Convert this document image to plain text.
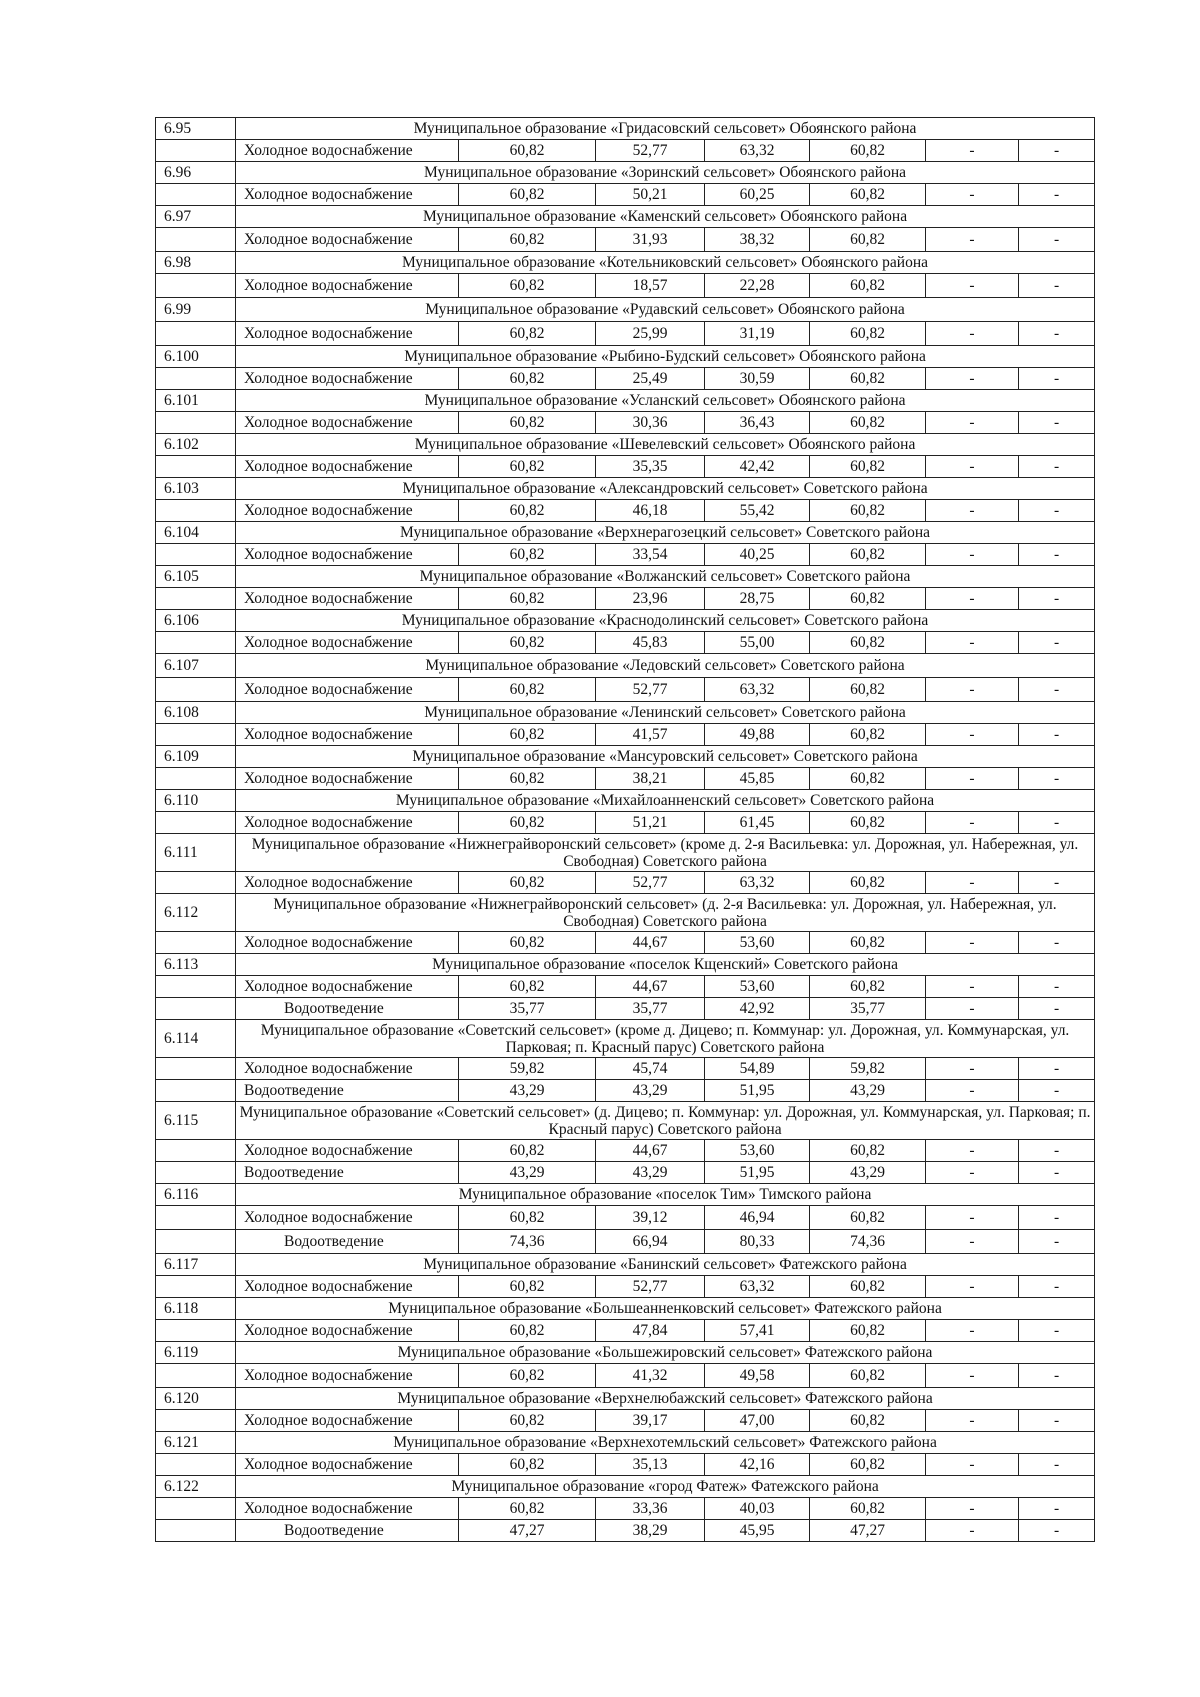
6.95	Муниципальное образование «Гридасовский сельсовет» Обоянского района						
	Холодное водоснабжение	60,82	52,77	63,32	60,82	-	-
6.96	Муниципальное образование «Зоринский сельсовет» Обоянского района						
	Холодное водоснабжение	60,82	50,21	60,25	60,82	-	-
6.97	Муниципальное образование «Каменский сельсовет» Обоянского района						
	Холодное водоснабжение	60,82	31,93	38,32	60,82	-	-
6.98	Муниципальное образование «Котельниковский сельсовет» Обоянского района						
	Холодное водоснабжение	60,82	18,57	22,28	60,82	-	-
6.99	Муниципальное образование «Рудавский сельсовет» Обоянского района						
	Холодное водоснабжение	60,82	25,99	31,19	60,82	-	-
6.100	Муниципальное образование «Рыбино-Будский сельсовет» Обоянского района						
	Холодное водоснабжение	60,82	25,49	30,59	60,82	-	-
6.101	Муниципальное образование «Усланский сельсовет» Обоянского района						
	Холодное водоснабжение	60,82	30,36	36,43	60,82	-	-
6.102	Муниципальное образование «Шевелевский сельсовет» Обоянского района						
	Холодное водоснабжение	60,82	35,35	42,42	60,82	-	-
6.103	Муниципальное образование «Александровский сельсовет» Советского района						
	Холодное водоснабжение	60,82	46,18	55,42	60,82	-	-
6.104	Муниципальное образование «Верхнерагозецкий сельсовет» Советского района						
	Холодное водоснабжение	60,82	33,54	40,25	60,82	-	-
6.105	Муниципальное образование «Волжанский сельсовет» Советского района						
	Холодное водоснабжение	60,82	23,96	28,75	60,82	-	-
6.106	Муниципальное образование «Краснодолинский сельсовет» Советского района						
	Холодное водоснабжение	60,82	45,83	55,00	60,82	-	-
6.107	Муниципальное образование «Ледовский сельсовет» Советского района						
	Холодное водоснабжение	60,82	52,77	63,32	60,82	-	-
6.108	Муниципальное образование «Ленинский сельсовет» Советского района						
	Холодное водоснабжение	60,82	41,57	49,88	60,82	-	-
6.109	Муниципальное образование «Мансуровский сельсовет» Советского района						
	Холодное водоснабжение	60,82	38,21	45,85	60,82	-	-
6.110	Муниципальное образование «Михайлоанненский сельсовет» Советского района						
	Холодное водоснабжение	60,82	51,21	61,45	60,82	-	-
6.111	Муниципальное образование «Нижнеграйворонский сельсовет» (кроме д. 2-я Васильевка: ул. Дорожная, ул. Набережная, ул. Свободная) Советского района						
	Холодное водоснабжение	60,82	52,77	63,32	60,82	-	-
6.112	Муниципальное образование «Нижнеграйворонский сельсовет» (д. 2-я Васильевка: ул. Дорожная, ул. Набережная, ул. Свободная) Советского района						
	Холодное водоснабжение	60,82	44,67	53,60	60,82	-	-
6.113	Муниципальное образование «поселок Кщенский» Советского района						
	Холодное водоснабжение	60,82	44,67	53,60	60,82	-	-
	Водоотведение	35,77	35,77	42,92	35,77	-	-
6.114	Муниципальное образование «Советский сельсовет» (кроме д. Дицево; п. Коммунар: ул. Дорожная, ул. Коммунарская, ул. Парковая; п. Красный парус) Советского района						
	Холодное водоснабжение	59,82	45,74	54,89	59,82	-	-
	Водоотведение	43,29	43,29	51,95	43,29	-	-
6.115	Муниципальное образование «Советский сельсовет» (д. Дицево; п. Коммунар: ул. Дорожная, ул. Коммунарская, ул. Парковая; п. Красный парус) Советского района						
	Холодное водоснабжение	60,82	44,67	53,60	60,82	-	-
	Водоотведение	43,29	43,29	51,95	43,29	-	-
6.116	Муниципальное образование «поселок Тим» Тимского района						
	Холодное водоснабжение	60,82	39,12	46,94	60,82	-	-
	Водоотведение	74,36	66,94	80,33	74,36	-	-
6.117	Муниципальное образование «Банинский сельсовет» Фатежского района						
	Холодное водоснабжение	60,82	52,77	63,32	60,82	-	-
6.118	Муниципальное образование «Большеанненковский сельсовет» Фатежского района						
	Холодное водоснабжение	60,82	47,84	57,41	60,82	-	-
6.119	Муниципальное образование «Большежировский сельсовет» Фатежского района						
	Холодное водоснабжение	60,82	41,32	49,58	60,82	-	-
6.120	Муниципальное образование «Верхнелюбажский сельсовет» Фатежского района						
	Холодное водоснабжение	60,82	39,17	47,00	60,82	-	-
6.121	Муниципальное образование «Верхнехотемльский сельсовет» Фатежского района						
	Холодное водоснабжение	60,82	35,13	42,16	60,82	-	-
6.122	Муниципальное образование «город Фатеж» Фатежского района						
	Холодное водоснабжение	60,82	33,36	40,03	60,82	-	-
	Водоотведение	47,27	38,29	45,95	47,27	-	-
